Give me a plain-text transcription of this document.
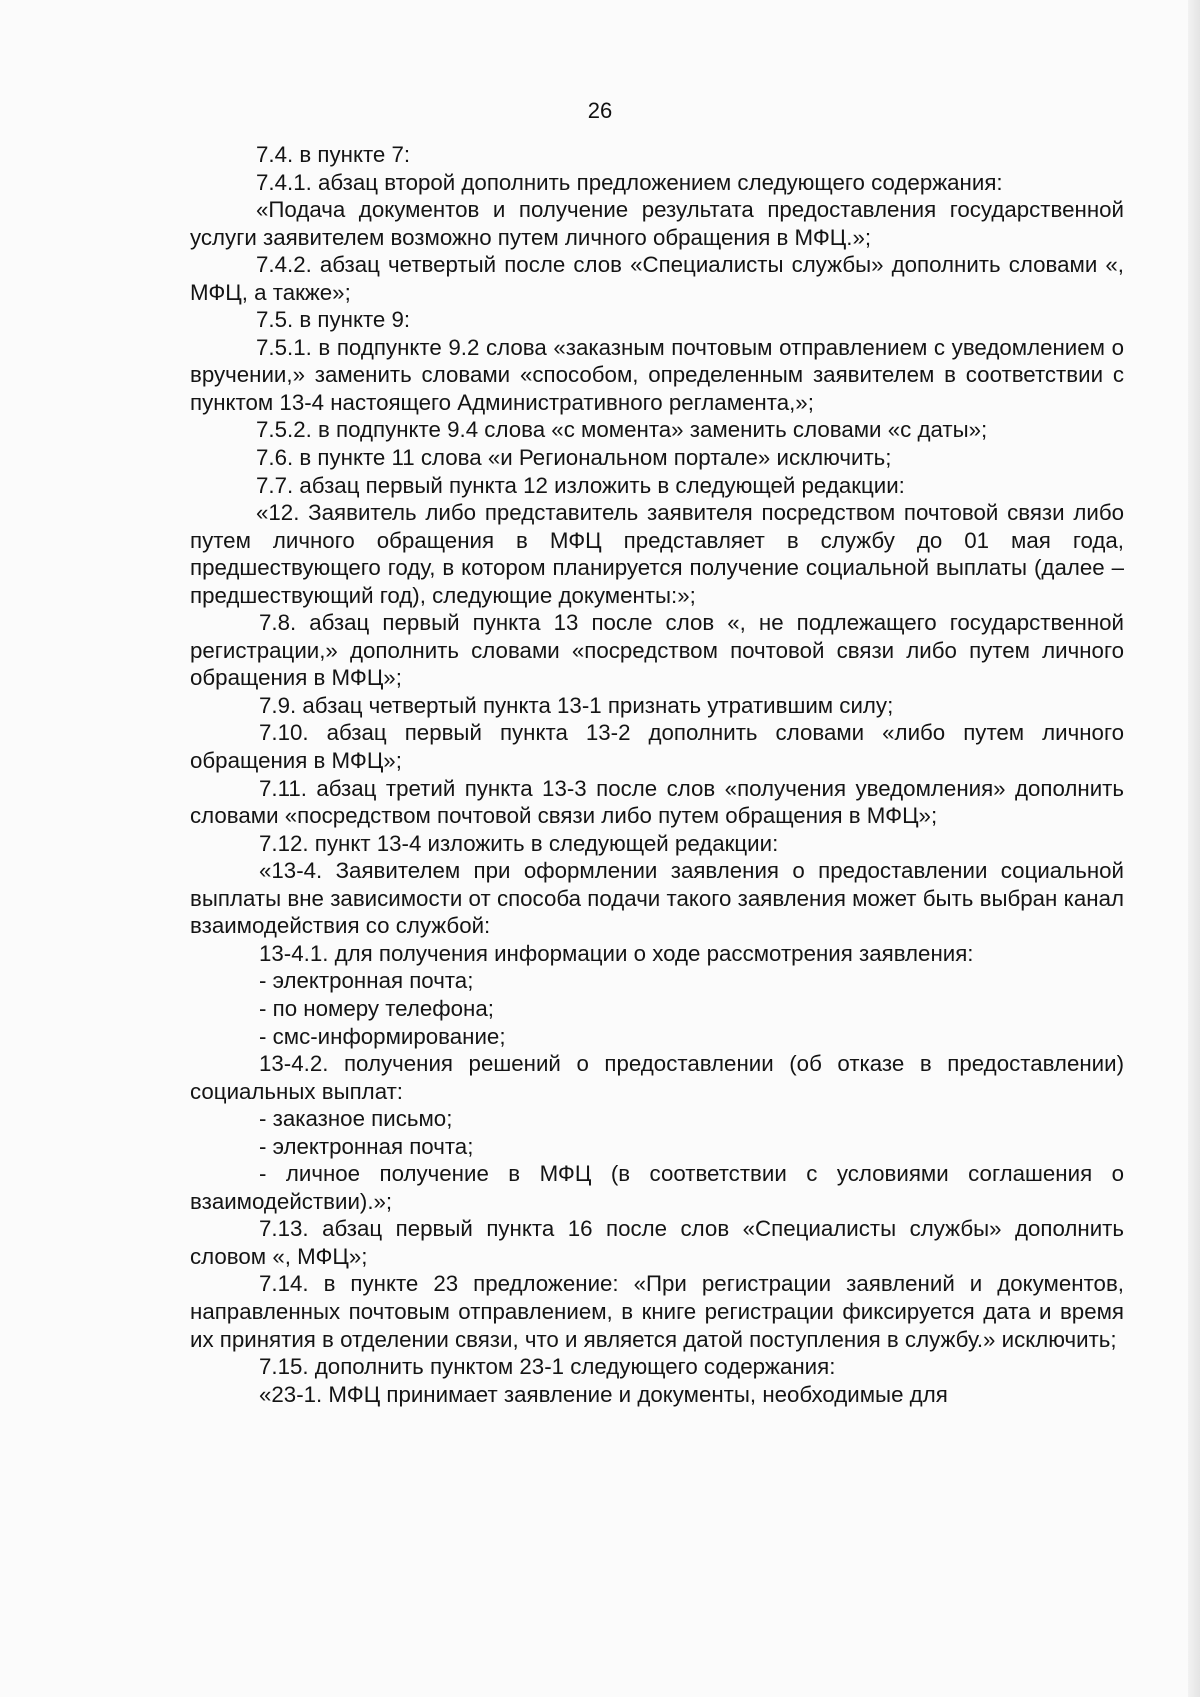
26

7.4. в пункте 7:

7.4.1. абзац второй дополнить предложением следующего содержания:

«Подача документов и получение результата предоставления государственной услуги заявителем возможно путем личного обращения в МФЦ.»;

7.4.2. абзац четвертый после слов «Специалисты службы» дополнить словами «, МФЦ, а также»;

7.5. в пункте 9:

7.5.1. в подпункте 9.2 слова «заказным почтовым отправлением с уведомлением о вручении,» заменить словами «способом, определенным заявителем в соответствии с пунктом 13-4 настоящего Административного регламента,»;

7.5.2. в подпункте 9.4 слова «с момента» заменить словами «с даты»;

7.6. в пункте 11 слова «и Региональном портале» исключить;

7.7. абзац первый пункта 12 изложить в следующей редакции:

«12. Заявитель либо представитель заявителя посредством почтовой связи либо путем личного обращения в МФЦ представляет в службу до 01 мая года, предшествующего году, в котором планируется получение социальной выплаты (далее – предшествующий год), следующие документы:»;

7.8. абзац первый пункта 13 после слов «, не подлежащего государственной регистрации,» дополнить словами «посредством почтовой связи либо путем личного обращения в МФЦ»;

7.9. абзац четвертый пункта 13-1 признать утратившим силу;

7.10. абзац первый пункта 13-2 дополнить словами «либо путем личного обращения в МФЦ»;

7.11. абзац третий пункта 13-3 после слов «получения уведомления» дополнить словами «посредством почтовой связи либо путем обращения в МФЦ»;

7.12. пункт 13-4 изложить в следующей редакции:

«13-4. Заявителем при оформлении заявления о предоставлении социальной выплаты вне зависимости от способа подачи такого заявления может быть выбран канал взаимодействия со службой:

13-4.1. для получения информации о ходе рассмотрения заявления:

- электронная почта;

- по номеру телефона;

- смс-информирование;

13-4.2. получения решений о предоставлении (об отказе в предоставлении) социальных выплат:

- заказное письмо;

- электронная почта;

- личное получение в МФЦ (в соответствии с условиями соглашения о взаимодействии).»;

7.13. абзац первый пункта 16 после слов «Специалисты службы» дополнить словом «, МФЦ»;

7.14. в пункте 23 предложение: «При регистрации заявлений и документов, направленных почтовым отправлением, в книге регистрации фиксируется дата и время их принятия в отделении связи, что и является датой поступления в службу.» исключить;

7.15. дополнить пунктом 23-1 следующего содержания:

«23-1. МФЦ принимает заявление и документы, необходимые для
